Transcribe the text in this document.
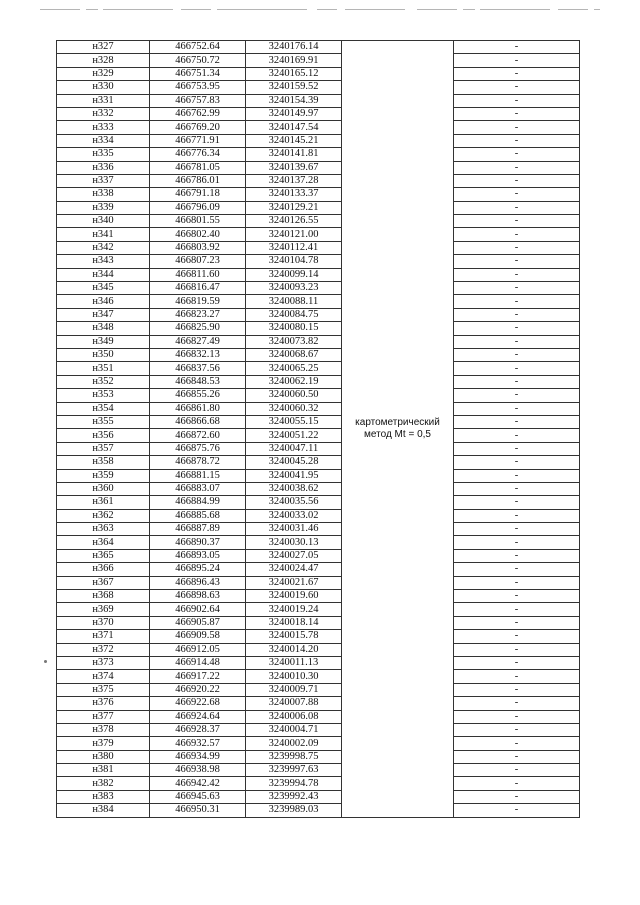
н327	466752.64	3240176.14	картометрический метод Mt = 0,5	-
н328	466750.72	3240169.91		-
н329	466751.34	3240165.12		-
н330	466753.95	3240159.52		-
н331	466757.83	3240154.39		-
н332	466762.99	3240149.97		-
н333	466769.20	3240147.54		-
н334	466771.91	3240145.21		-
н335	466776.34	3240141.81		-
н336	466781.05	3240139.67		-
н337	466786.01	3240137.28		-
н338	466791.18	3240133.37		-
н339	466796.09	3240129.21		-
н340	466801.55	3240126.55		-
н341	466802.40	3240121.00		-
н342	466803.92	3240112.41		-
н343	466807.23	3240104.78		-
н344	466811.60	3240099.14		-
н345	466816.47	3240093.23		-
н346	466819.59	3240088.11		-
н347	466823.27	3240084.75		-
н348	466825.90	3240080.15		-
н349	466827.49	3240073.82		-
н350	466832.13	3240068.67		-
н351	466837.56	3240065.25		-
н352	466848.53	3240062.19		-
н353	466855.26	3240060.50		-
н354	466861.80	3240060.32		-
н355	466866.68	3240055.15		-
н356	466872.60	3240051.22		-
н357	466875.76	3240047.11		-
н358	466878.72	3240045.28		-
н359	466881.15	3240041.95		-
н360	466883.07	3240038.62		-
н361	466884.99	3240035.56		-
н362	466885.68	3240033.02		-
н363	466887.89	3240031.46		-
н364	466890.37	3240030.13		-
н365	466893.05	3240027.05		-
н366	466895.24	3240024.47		-
н367	466896.43	3240021.67		-
н368	466898.63	3240019.60		-
н369	466902.64	3240019.24		-
н370	466905.87	3240018.14		-
н371	466909.58	3240015.78		-
н372	466912.05	3240014.20		-
н373	466914.48	3240011.13		-
н374	466917.22	3240010.30		-
н375	466920.22	3240009.71		-
н376	466922.68	3240007.88		-
н377	466924.64	3240006.08		-
н378	466928.37	3240004.71		-
н379	466932.57	3240002.09		-
н380	466934.99	3239998.75		-
н381	466938.98	3239997.63		-
н382	466942.42	3239994.78		-
н383	466945.63	3239992.43		-
н384	466950.31	3239989.03		-
